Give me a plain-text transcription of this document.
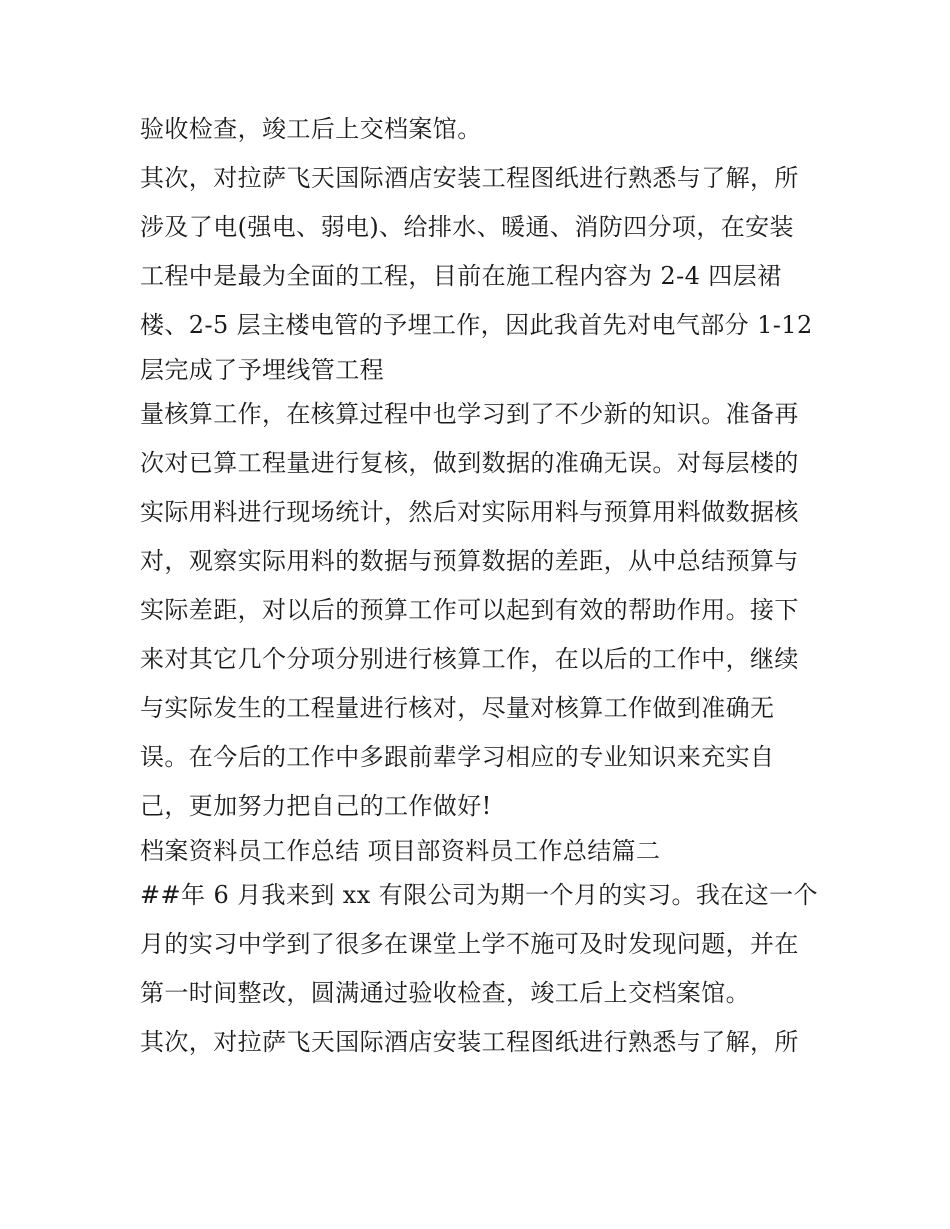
验收检查，竣工后上交档案馆。
其次，对拉萨飞天国际酒店安装工程图纸进行熟悉与了解，所
涉及了电(强电、弱电)、给排水、暖通、消防四分项，在安装
工程中是最为全面的工程，目前在施工程内容为 2-4 四层裙
楼、2-5 层主楼电管的予埋工作，因此我首先对电气部分 1-12
层完成了予埋线管工程
量核算工作，在核算过程中也学习到了不少新的知识。准备再
次对已算工程量进行复核，做到数据的准确无误。对每层楼的
实际用料进行现场统计，然后对实际用料与预算用料做数据核
对，观察实际用料的数据与预算数据的差距，从中总结预算与
实际差距，对以后的预算工作可以起到有效的帮助作用。接下
来对其它几个分项分别进行核算工作，在以后的工作中，继续
与实际发生的工程量进行核对，尽量对核算工作做到准确无
误。在今后的工作中多跟前辈学习相应的专业知识来充实自
己，更加努力把自己的工作做好!
档案资料员工作总结 项目部资料员工作总结篇二
##年 6 月我来到 xx 有限公司为期一个月的实习。我在这一个
月的实习中学到了很多在课堂上学不施可及时发现问题，并在
第一时间整改，圆满通过验收检查，竣工后上交档案馆。
其次，对拉萨飞天国际酒店安装工程图纸进行熟悉与了解，所
